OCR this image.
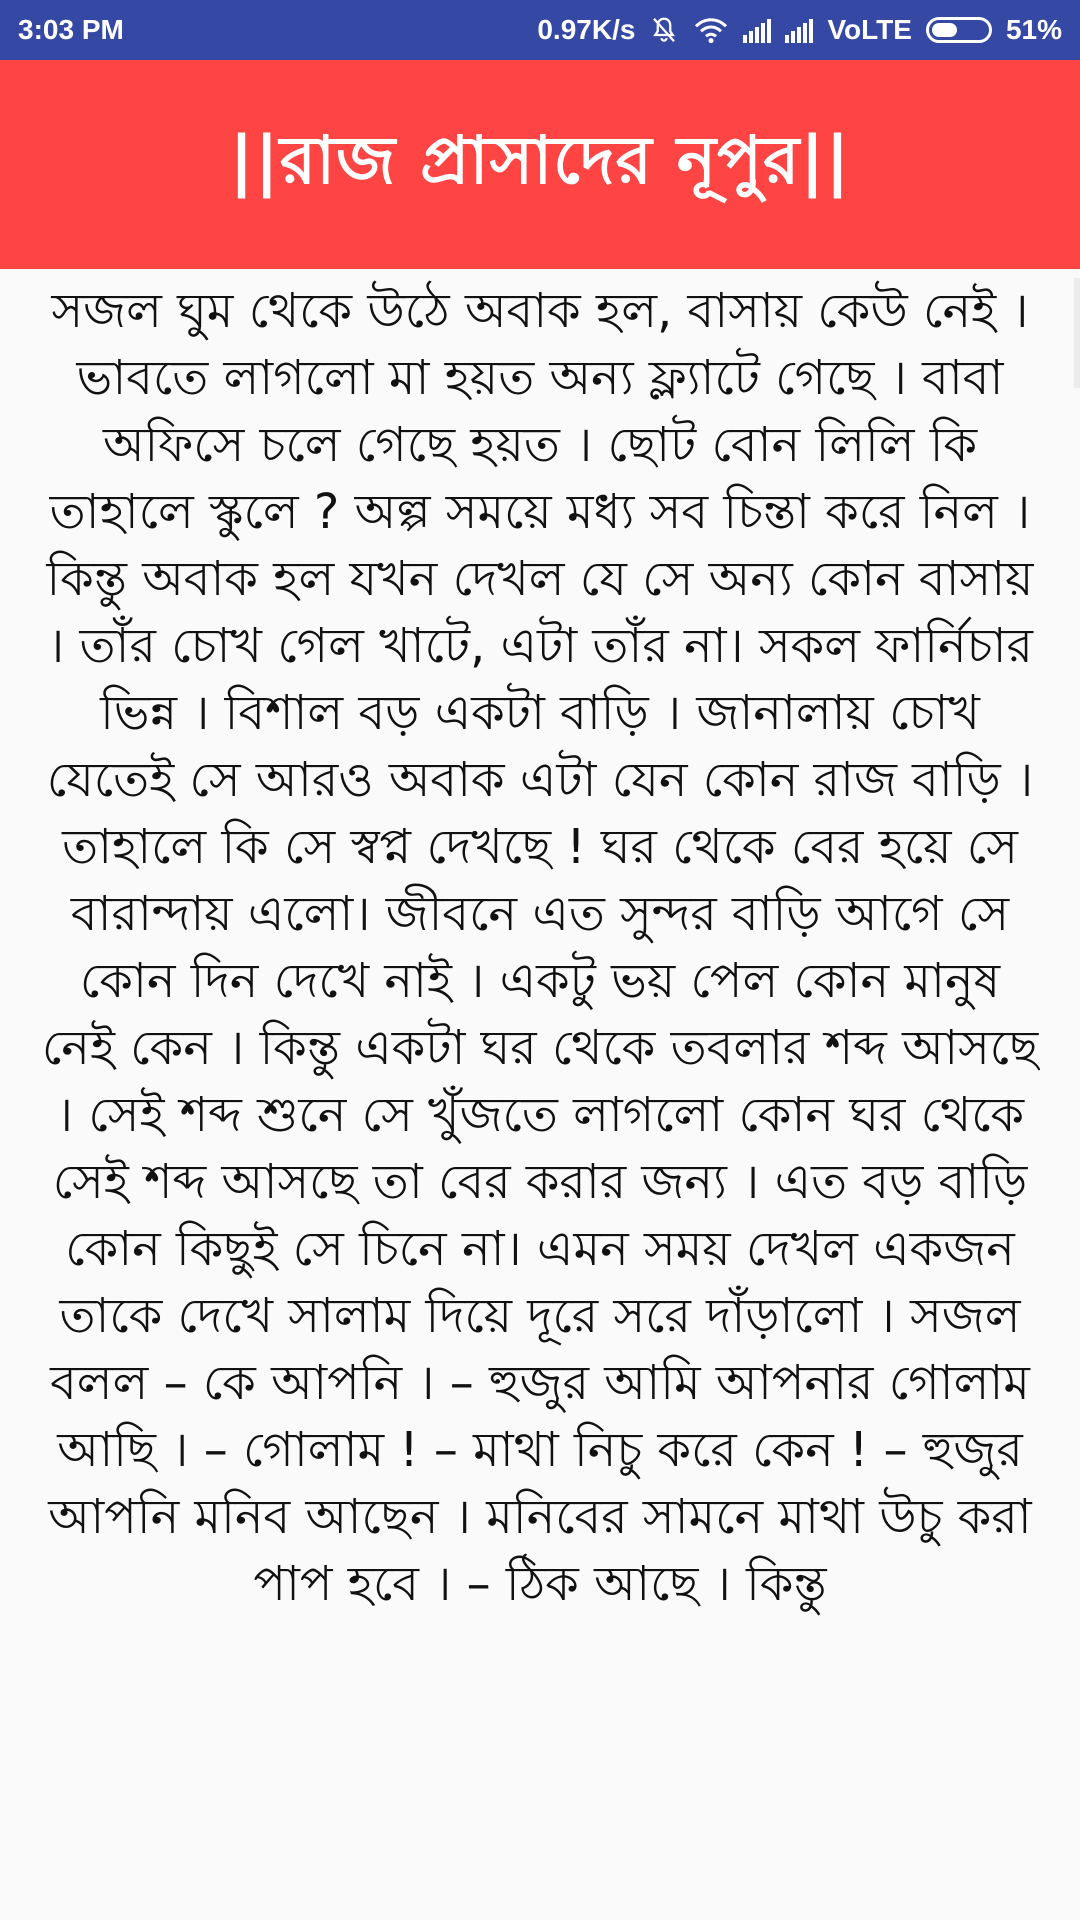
3:03 PM	0.97K/s	VoLTE	51%
||রাজ প্রাসাদের নূপুর||

সজল ঘুম থেকে উঠে অবাক হল, বাসায় কেউ নেই । ভাবতে লাগলো মা হয়ত অন্য ফ্ল্যাটে গেছে । বাবা অফিসে চলে গেছে হয়ত । ছোট বোন লিলি কি তাহালে স্কুলে ? অল্প সময়ে মধ্য সব চিন্তা করে নিল । কিন্তু অবাক হল যখন দেখল যে সে অন্য কোন বাসায় । তাঁর চোখ গেল খাটে, এটা তাঁর না। সকল ফার্নিচার ভিন্ন । বিশাল বড় একটা বাড়ি । জানালায় চোখ যেতেই সে আরও অবাক এটা যেন কোন রাজ বাড়ি । তাহালে কি সে স্বপ্ন দেখছে ! ঘর থেকে বের হয়ে সে বারান্দায় এলো। জীবনে এত সুন্দর বাড়ি আগে সে কোন দিন দেখে নাই । একটু ভয় পেল কোন মানুষ নেই কেন । কিন্তু একটা ঘর থেকে তবলার শব্দ আসছে । সেই শব্দ শুনে সে খুঁজতে লাগলো কোন ঘর থেকে সেই শব্দ আসছে তা বের করার জন্য । এত বড় বাড়ি কোন কিছুই সে চিনে না। এমন সময় দেখল একজন তাকে দেখে সালাম দিয়ে দূরে সরে দাঁড়ালো । সজল বলল – কে আপনি । – হুজুর আমি আপনার গোলাম আছি । – গোলাম ! – মাথা নিচু করে কেন ! – হুজুর আপনি মনিব আছেন । মনিবের সামনে মাথা উচু করা পাপ হবে । – ঠিক আছে । কিন্তু
